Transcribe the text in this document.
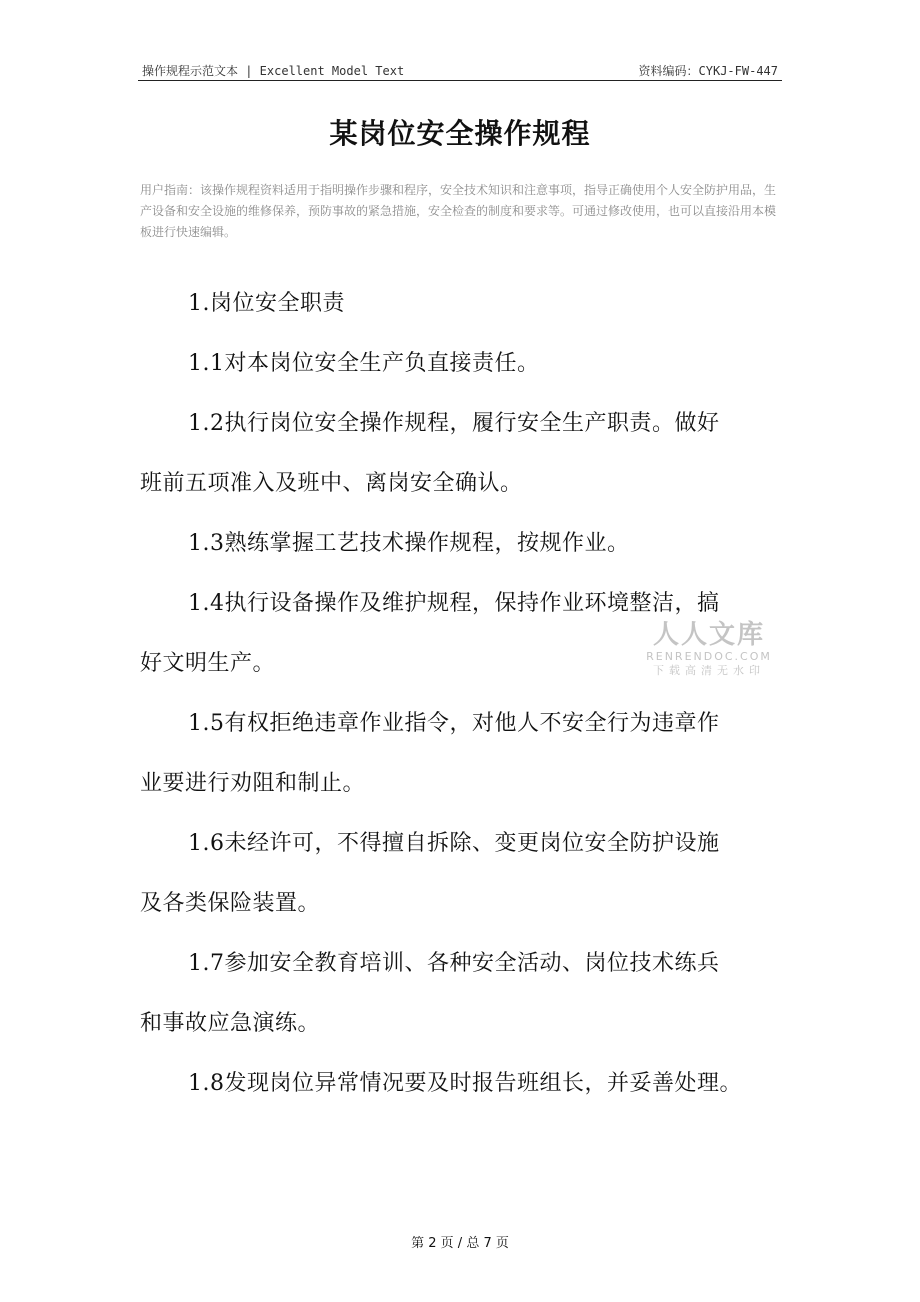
操作规程示范文本 | Excellent Model Text	资料编码：CYKJ-FW-447
某岗位安全操作规程
用户指南：该操作规程资料适用于指明操作步骤和程序，安全技术知识和注意事项，指导正确使用个人安全防护用品，生产设备和安全设施的维修保养，预防事故的紧急措施，安全检查的制度和要求等。可通过修改使用，也可以直接沿用本模板进行快速编辑。
1.岗位安全职责
1.1对本岗位安全生产负直接责任。
1.2执行岗位安全操作规程，履行安全生产职责。做好
班前五项准入及班中、离岗安全确认。
1.3熟练掌握工艺技术操作规程，按规作业。
1.4执行设备操作及维护规程，保持作业环境整洁，搞
好文明生产。
1.5有权拒绝违章作业指令，对他人不安全行为违章作
业要进行劝阻和制止。
1.6未经许可，不得擅自拆除、变更岗位安全防护设施
及各类保险装置。
1.7参加安全教育培训、各种安全活动、岗位技术练兵
和事故应急演练。
1.8发现岗位异常情况要及时报告班组长，并妥善处理。
人人文库
RENRENDOC.COM
下载高清无水印
第 2 页 / 总 7 页
